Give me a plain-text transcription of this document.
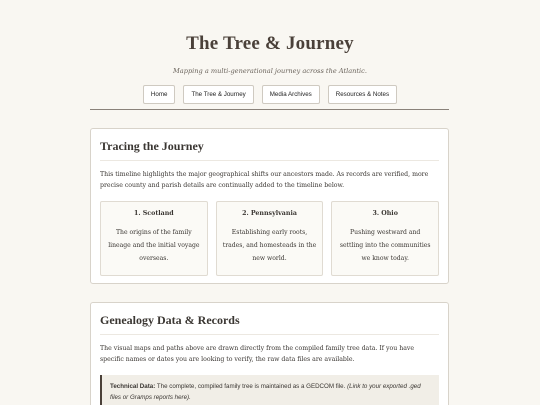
The Tree & Journey
Mapping a multi-generational journey across the Atlantic.
Home	The Tree & Journey	Media Archives	Resources & Notes
Tracing the Journey
This timeline highlights the major geographical shifts our ancestors made. As records are verified, more precise county and parish details are continually added to the timeline below.
1. Scotland
The origins of the family lineage and the initial voyage overseas.
2. Pennsylvania
Establishing early roots, trades, and homesteads in the new world.
3. Ohio
Pushing westward and settling into the communities we know today.
Genealogy Data & Records
The visual maps and paths above are drawn directly from the compiled family tree data. If you have specific names or dates you are looking to verify, the raw data files are available.
Technical Data: The complete, compiled family tree is maintained as a GEDCOM file. (Link to your exported .ged files or Gramps reports here).
